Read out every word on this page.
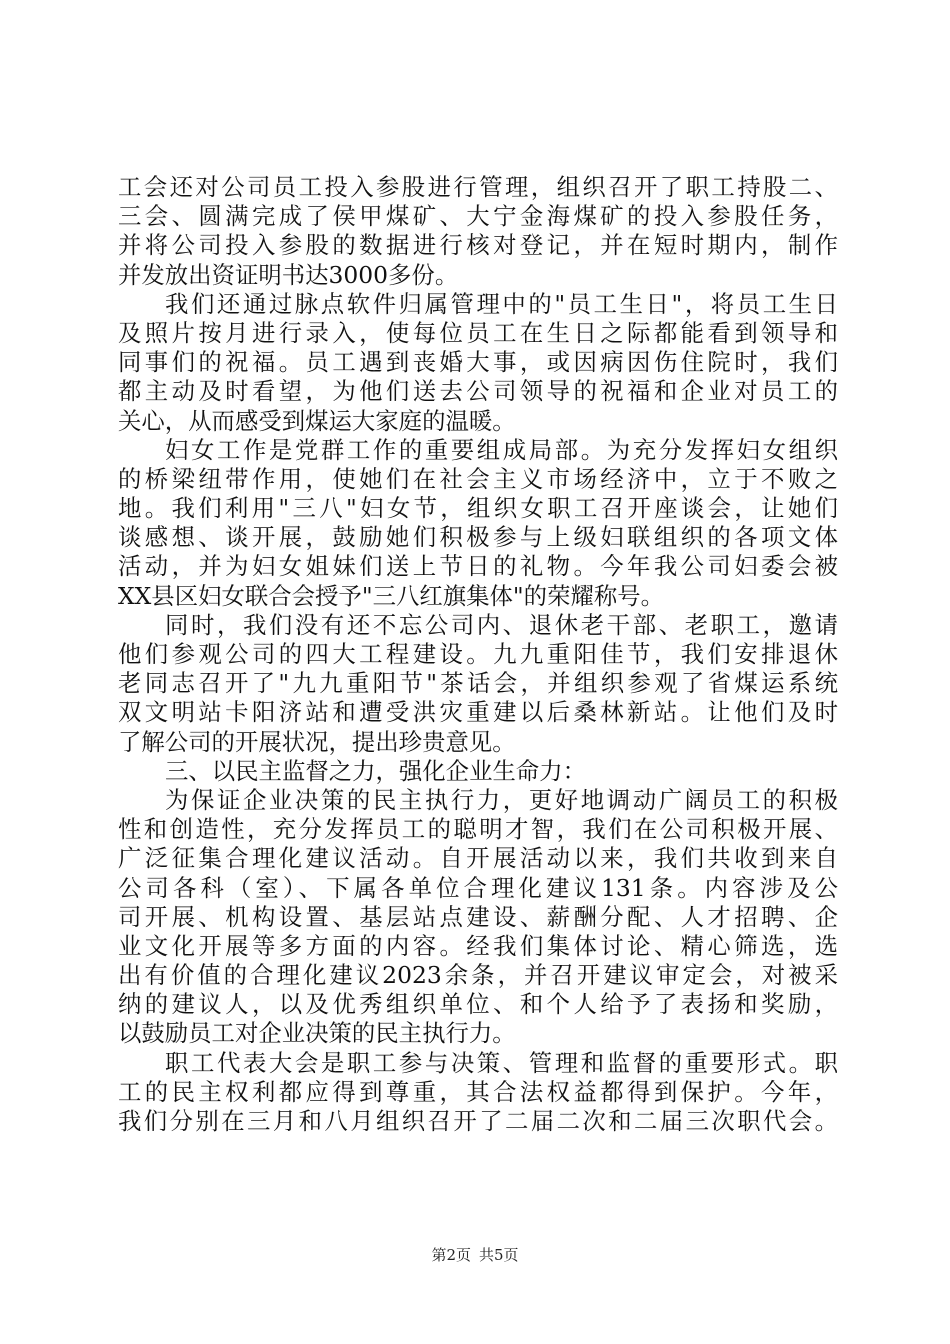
工会还对公司员工投入参股进行管理，组织召开了职工持股二、
三会、圆满完成了侯甲煤矿、大宁金海煤矿的投入参股任务，
并将公司投入参股的数据进行核对登记，并在短时期内，制作
并发放出资证明书达3000多份。
我们还通过脉点软件归属管理中的"员工生日"，将员工生日
及照片按月进行录入，使每位员工在生日之际都能看到领导和
同事们的祝福。员工遇到丧婚大事，或因病因伤住院时，我们
都主动及时看望，为他们送去公司领导的祝福和企业对员工的
关心，从而感受到煤运大家庭的温暖。
妇女工作是党群工作的重要组成局部。为充分发挥妇女组织
的桥梁纽带作用，使她们在社会主义市场经济中，立于不败之
地。我们利用"三八"妇女节，组织女职工召开座谈会，让她们
谈感想、谈开展，鼓励她们积极参与上级妇联组织的各项文体
活动，并为妇女姐妹们送上节日的礼物。今年我公司妇委会被
XX县区妇女联合会授予"三八红旗集体"的荣耀称号。
同时，我们没有还不忘公司内、退休老干部、老职工，邀请
他们参观公司的四大工程建设。九九重阳佳节，我们安排退休
老同志召开了"九九重阳节"茶话会，并组织参观了省煤运系统
双文明站卡阳济站和遭受洪灾重建以后桑林新站。让他们及时
了解公司的开展状况，提出珍贵意见。
三、以民主监督之力，强化企业生命力：
为保证企业决策的民主执行力，更好地调动广阔员工的积极
性和创造性，充分发挥员工的聪明才智，我们在公司积极开展、
广泛征集合理化建议活动。自开展活动以来，我们共收到来自
公司各科（室）、下属各单位合理化建议131条。内容涉及公
司开展、机构设置、基层站点建设、薪酬分配、人才招聘、企
业文化开展等多方面的内容。经我们集体讨论、精心筛选，选
出有价值的合理化建议2023余条，并召开建议审定会，对被采
纳的建议人，以及优秀组织单位、和个人给予了表扬和奖励，
以鼓励员工对企业决策的民主执行力。
职工代表大会是职工参与决策、管理和监督的重要形式。职
工的民主权利都应得到尊重，其合法权益都得到保护。今年，
我们分别在三月和八月组织召开了二届二次和二届三次职代会。
第2页 共5页
